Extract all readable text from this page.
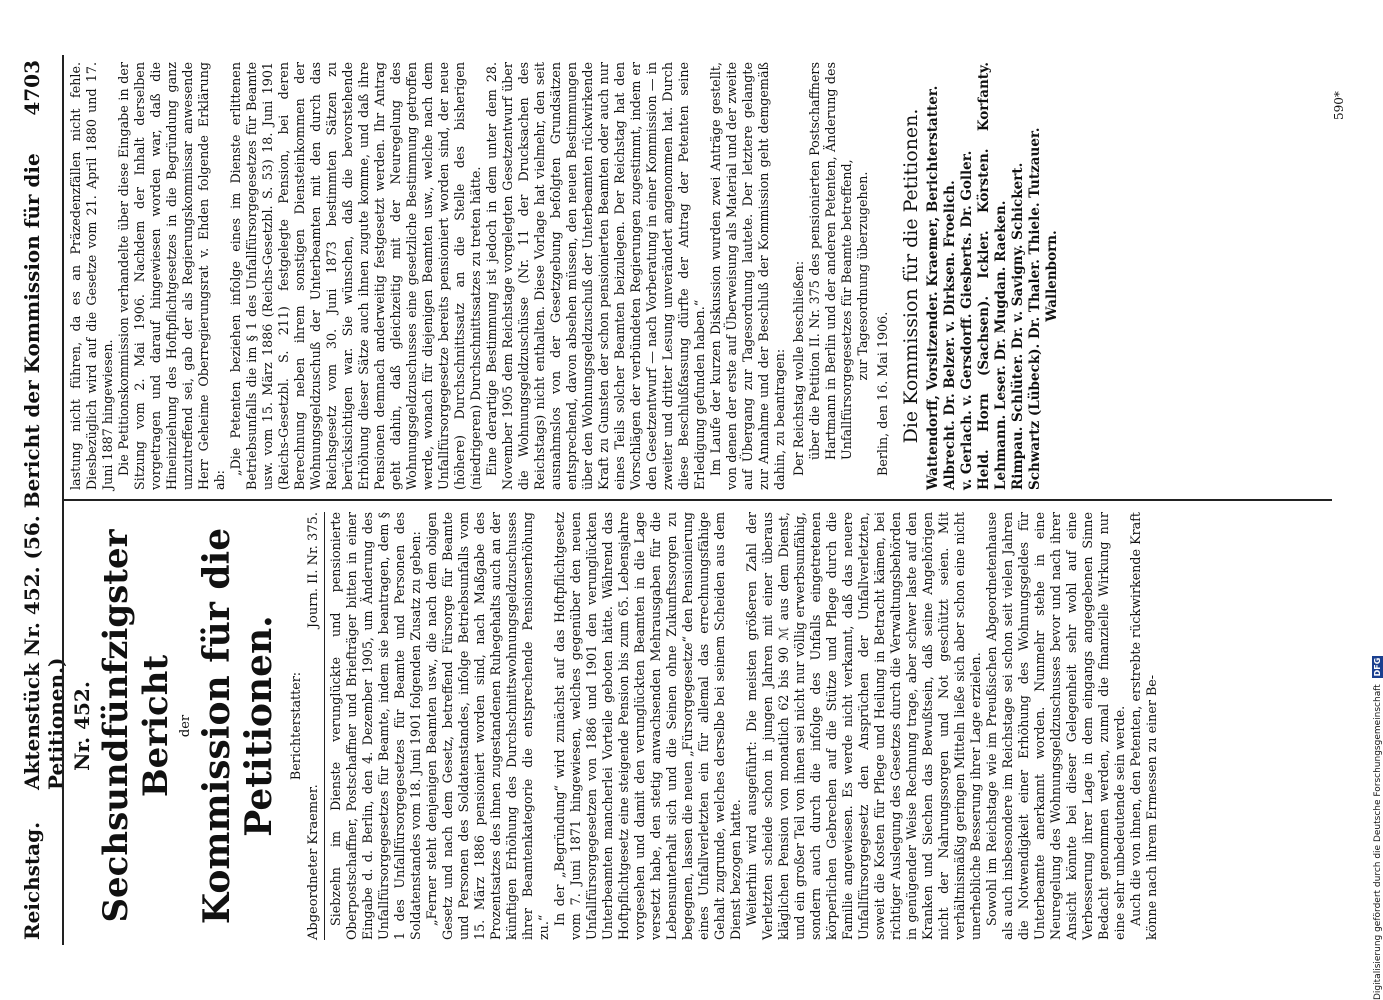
Reichstag.
Aktenstück Nr. 452. (56. Bericht der Kommission für die Petitionen.)
4703
Nr. 452. Sechsundfünfzigster Bericht der Kommission für die Petitionen. Berichterstatter:
Abgeordneter Kraemer.
Journ. II. Nr. 375. Siebzehn im Dienste verunglückte und pensionierte Oberpostschaffner, Postschaffner und Briefträger bitten in einer Eingabe d. d. Berlin, den 4. Dezember 1905, um Änderung des Unfallfürsorgegesetzes für Beamte, indem sie beantragen, dem § 1 des Unfallfürsorgegesetzes für Beamte und Personen des Soldatenstandes vom 18. Juni 1901 folgenden Zusatz zu geben: „Ferner steht denjenigen Beamten usw., die nach dem obigen Gesetz und nach dem Gesetz, betreffend Fürsorge für Beamte und Personen des Soldatenstandes, infolge Betriebsunfalls vom 15. März 1886 pensioniert worden sind, nach Maßgabe des Prozentsatzes des ihnen zugestandenen Ruhegehalts auch an der künftigen Erhöhung des Durchschnittswohnungsgeldzuschusses ihrer Beamtenkategorie die entsprechende Pensionserhöhung zu.“

In der „Begründung“ wird zunächst auf das Hoftpflichtgesetz vom 7. Juni 1871 hingewiesen, welches gegenüber den neuen Unfallfürsorgegesetzen von 1886 und 1901 den verunglückten Unterbeamten mancherlei Vorteile geboten hätte. Während das Hoftpflichtgesetz eine steigende Pension bis zum 65. Lebensjahre vorgesehen und damit den verunglückten Beamten in die Lage versetzt habe, den stetig anwachsenden Mehrausgaben für die Lebensunterhalt sich und die Seinen ohne Zukunftssorgen zu begegnen, lassen die neuen „Fürsorgegesetze“ den Pensionierung eines Unfallverletzten ein für allemal das errechnungsfähige Gehalt zugrunde, welches derselbe bei seinem Scheiden aus dem Dienst bezogen hatte. Weiterhin wird ausgeführt: Die meisten größeren Zahl der Verletzten scheide schon in jungen Jahren mit einer überaus kläglichen Pension von monatlich 62 bis 90 ℳ aus dem Dienst, und ein großer Teil von ihnen sei nicht nur völlig erwerbsunfähig, sondern auch durch die infolge des Unfalls eingetretenen körperlichen Gebrechen auf die Stütze und Pflege durch die Familie angewiesen. Es werde nicht verkannt, daß das neuere Unfallfürsorgegesetz den Ansprüchen der Unfallverletzten, soweit die Kosten für Pflege und Heilung in Betracht kämen, bei richtiger Auslegung des Gesetzes durch die Verwaltungsbehörden in genügender Weise Rechnung trage, aber schwer laste auf den Kranken und Siechen das Bewußtsein, daß seine Angehörigen nicht der Nahrungssorgen und Not geschützt seien. Mit verhältnismäßig geringen Mitteln ließe sich aber schon eine nicht unerhebliche Besserung ihrer Lage erzielen. Sowohl im Reichstage wie im Preußischen Abgeordnetenhause als auch insbesondere im Reichstage sei schon seit vielen Jahren die Notwendigkeit einer Erhöhung des Wohnungsgeldes für Unterbeamte anerkannt worden. Nunmehr stehe in eine Neuregelung des Wohnungsgeldzuschusses bevor und nach ihrer Ansicht könnte bei dieser Gelegenheit sehr wohl auf eine Verbesserung ihrer Lage in dem eingangs angegebenen Sinne Bedacht genommen werden, zumal die finanzielle Wirkung nur eine sehr unbedeutende sein werde. Auch die von ihnen, den Petenten, erstrebte rückwirkende Kraft könne nach ihrem Ermessen zu einer Be-

lastung nicht führen, da es an Präzedenzfällen nicht fehle. Diesbezüglich wird auf die Gesetze vom 21. April 1880 und 17. Juni 1887 hingewiesen. Die Petitionskommission verhandelte über diese Eingabe in der Sitzung vom 2. Mai 1906. Nachdem der Inhalt derselben vorgetragen und darauf hingewiesen worden war, daß die Hineinziehung des Hoftpflichtgesetzes in die Begründung ganz unzutreffend sei, gab der als Regierungskommissar anwesende Herr Geheime Oberregierungsrat v. Ehden folgende Erklärung ab:

„Die Petenten beziehen infolge eines im Dienste erlittenen Betriebsunfalls die im § 1 des Unfallfürsorgegesetzes für Beamte usw. vom 15. März 1886 (Reichs-Gesetzbl. S. 53) 18. Juni 1901 (Reichs-Gesetzbl. S. 211) festgelegte Pension, bei deren Berechnung neben ihrem sonstigen Diensteinkommen der Wohnungsgeldzuschuß der Unterbeamten mit den durch das Reichsgesetz vom 30. Juni 1873 bestimmten Sätzen zu berücksichtigen war. Sie wünschen, daß die bevorstehende Erhöhung dieser Sätze auch ihnen zugute komme, und daß ihre Pensionen demnach anderweitig festgesetzt werden. Ihr Antrag geht dahin, daß gleichzeitig mit der Neuregelung des Wohnungsgeldzuschusses eine gesetzliche Bestimmung getroffen werde, wonach für diejenigen Beamten usw., welche nach dem Unfallfürsorgegesetze bereits pensioniert worden sind, der neue (höhere) Durchschnittssatz an die Stelle des bisherigen (niedrigeren) Durchschnittssatzes zu treten hätte. Eine derartige Bestimmung ist jedoch in dem unter dem 28. November 1905 dem Reichstage vorgelegten Gesetzentwurf über die Wohnungsgeldzuschüsse (Nr. 11 der Drucksachen des Reichstags) nicht enthalten. Diese Vorlage hat vielmehr, den seit ausnahmslos von der Gesetzgebung befolgten Grundsätzen entsprechend, davon absehen müssen, den neuen Bestimmungen über den Wohnungsgeldzuschuß der Unterbeamten rückwirkende Kraft zu Gunsten der schon pensionierten Beamten oder auch nur eines Teils solcher Beamten beizulegen. Der Reichstag hat den Vorschlägen der verbündeten Regierungen zugestimmt, indem er den Gesetzentwurf — nach Vorberatung in einer Kommission — in zweiter und dritter Lesung unverändert angenommen hat. Durch diese Beschlußfassung dürfte der Antrag der Petenten seine Erledigung gefunden haben.“ Im Laufe der kurzen Diskussion wurden zwei Anträge gestellt, von denen der erste auf Überweisung als Material und der zweite auf Übergang zur Tagesordnung lautete. Der letztere gelangte zur Annahme und der Beschluß der Kommission geht demgemäß dahin, zu beantragen: Der Reichstag wolle beschließen: über die Petition II. Nr. 375 des pensionierten Postschaffners Hartmann in Berlin und der anderen Petenten, Änderung des Unfallfürsorgegesetzes für Beamte betreffend, zur Tagesordnung überzugehen.

Berlin, den 16. Mai 1906. Die Kommission für die Petitionen. Wattendorff, Vorsitzender. Kraemer, Berichterstatter. Albrecht. Dr. Belzer. v. Dirksen. Froelich. v. Gerlach. v. Gersdorff. Giesberts. Dr. Goller. Held. Horn (Sachsen). Ickler. Körsten. Korfanty. Lehmann. Leser. Dr. Mugdan. Raeken. Rimpau. Schlüter. Dr. v. Savigny. Schickert. Schwartz (Lübeck). Dr. Thaler. Thiele. Tutzauer. Wallenborn.

590*
Digitalisierung gefördert durch die Deutsche Forschungsgemeinschaft DFG
